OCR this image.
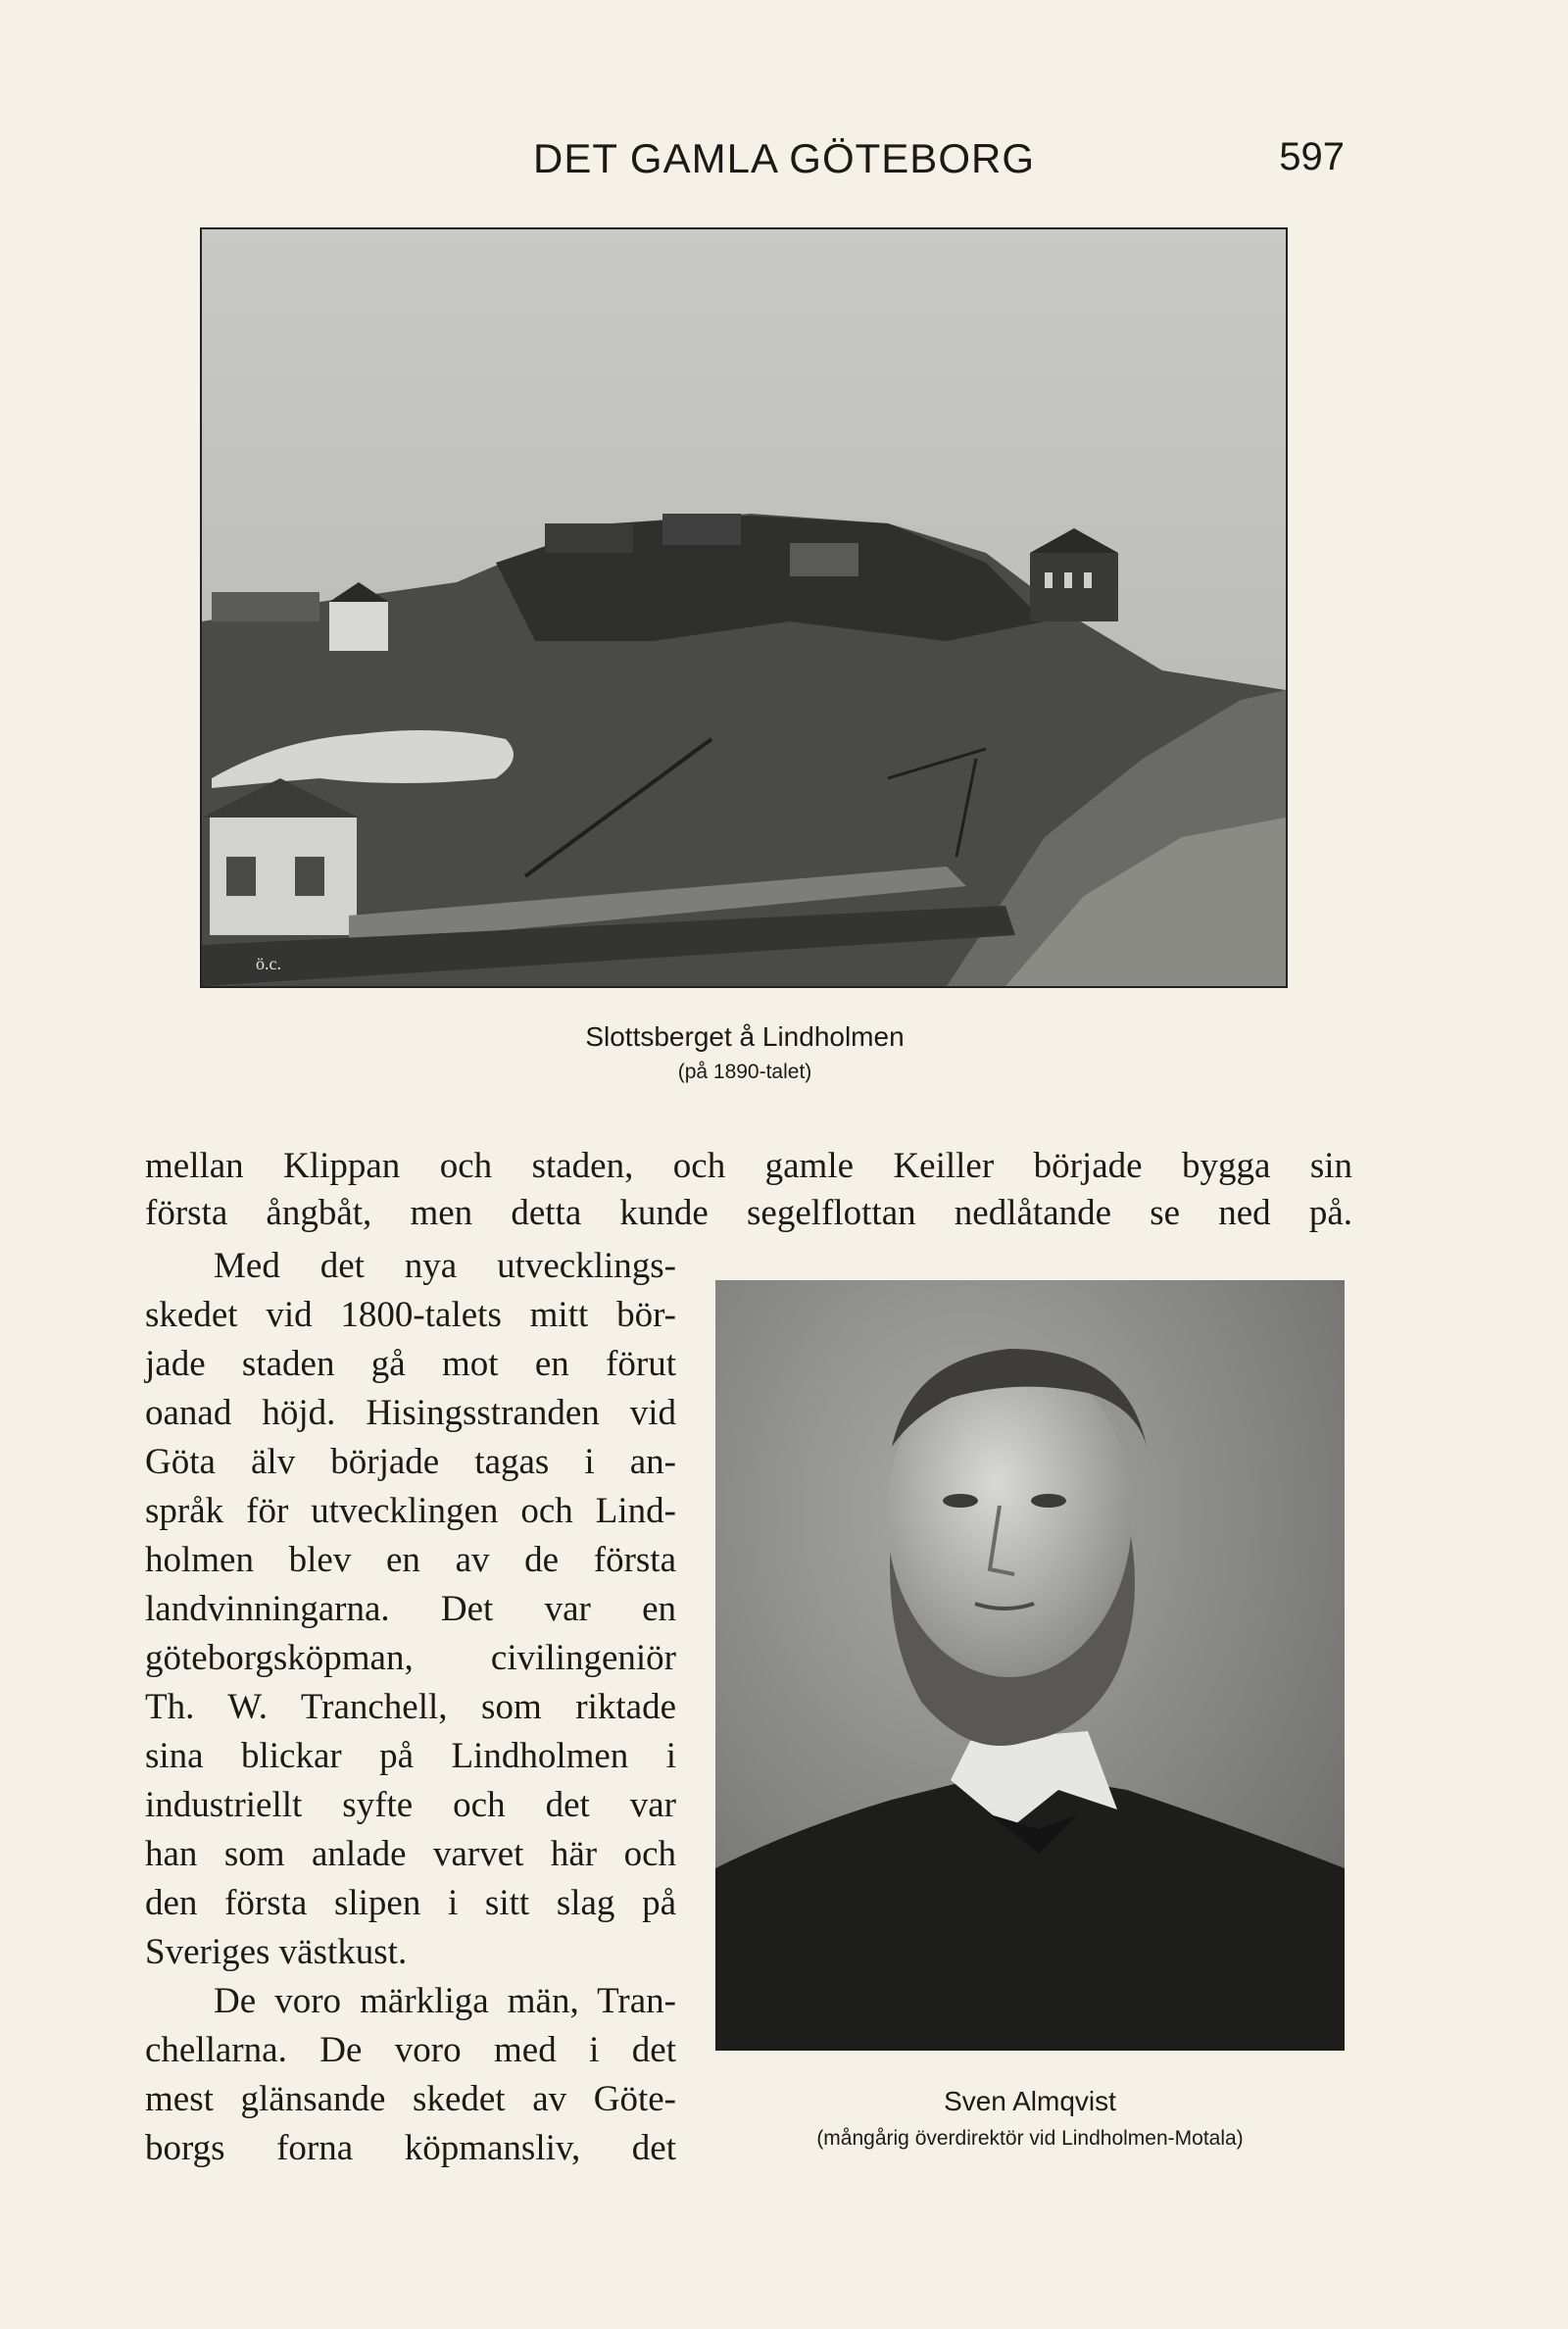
DET GAMLA GÖTEBORG	597
ö.c.
Slottsberget å Lindholmen
(på 1890-talet)
mellan Klippan och staden, och gamle Keiller började bygga sin
första ångbåt, men detta kunde segelflottan nedlåtande se ned på.
Med det nya utvecklings-
skedet vid 1800-talets mitt bör-
jade staden gå mot en förut
oanad höjd. Hisingsstranden vid
Göta älv började tagas i an-
språk för utvecklingen och Lind-
holmen blev en av de första
landvinningarna. Det var en
göteborgsköpman, civilingeniör
Th. W. Tranchell, som riktade
sina blickar på Lindholmen i
industriellt syfte och det var
han som anlade varvet här och
den första slipen i sitt slag på
Sveriges västkust.
De voro märkliga män, Tran-
chellarna. De voro med i det
mest glänsande skedet av Göte-
borgs forna köpmansliv, det
Sven Almqvist
(mångårig överdirektör vid Lindholmen-Motala)
